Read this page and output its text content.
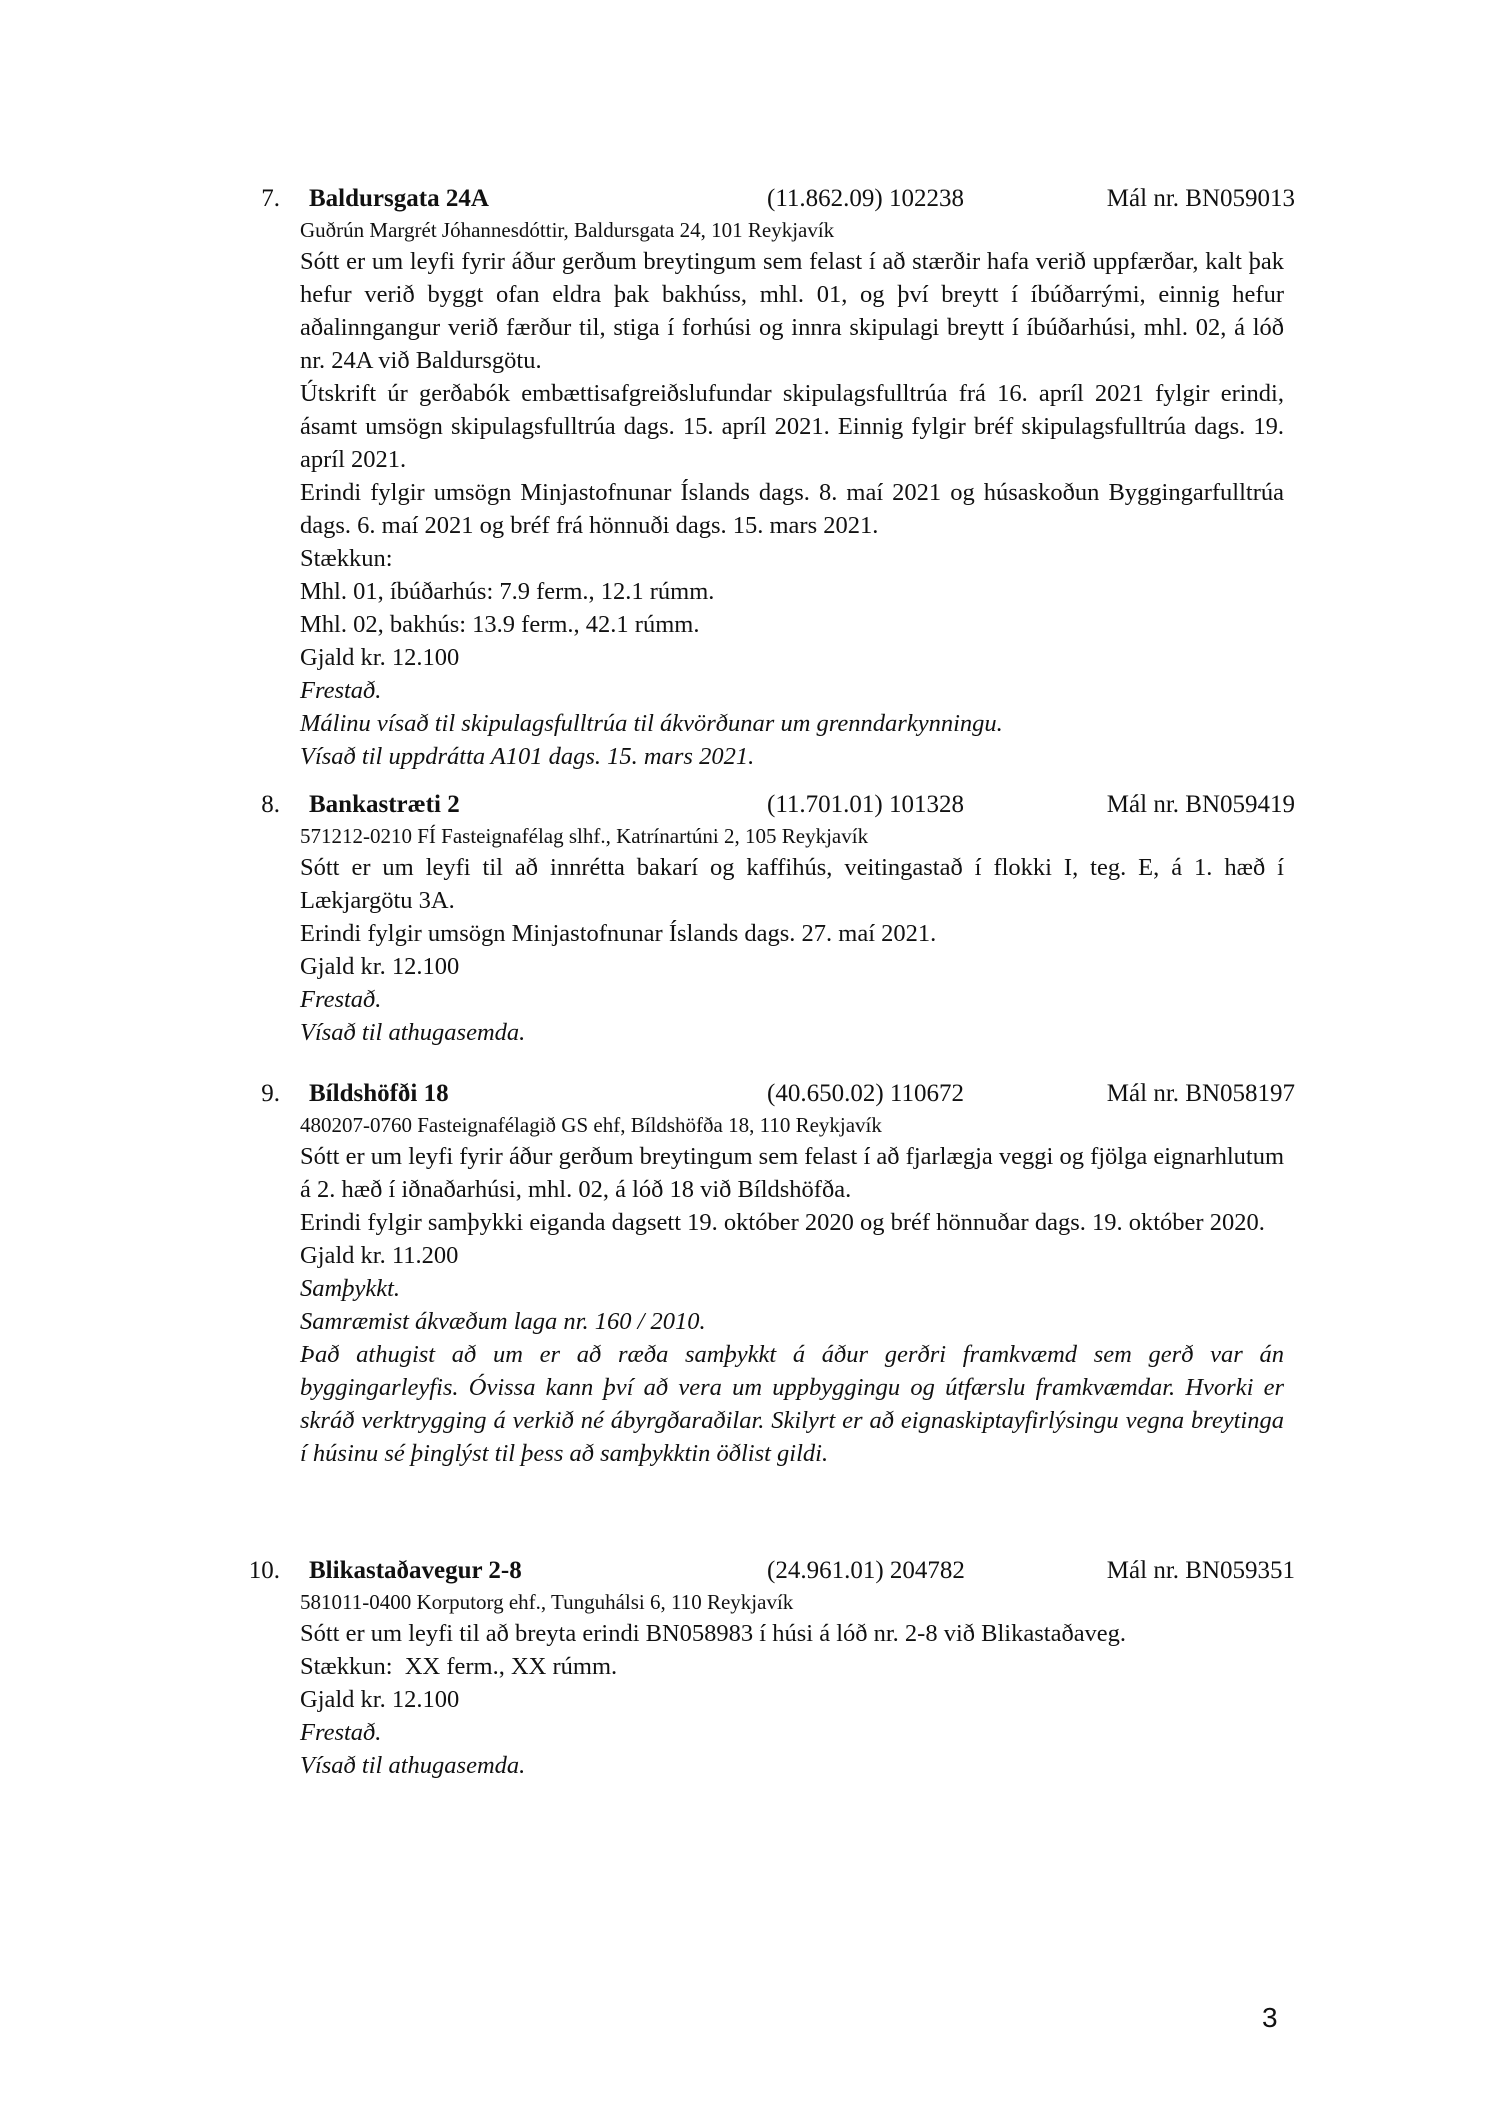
7. Baldursgata 24A	(11.862.09) 102238	Mál nr. BN059013
Guðrún Margrét Jóhannesdóttir, Baldursgata 24, 101 Reykjavík

Sótt er um leyfi fyrir áður gerðum breytingum sem felast í að stærðir hafa verið uppfærðar, kalt þak hefur verið byggt ofan eldra þak bakhúss, mhl. 01, og því breytt í íbúðarrými, einnig hefur aðalinngangur verið færður til, stiga í forhúsi og innra skipulagi breytt í íbúðarhúsi, mhl. 02, á lóð nr. 24A við Baldursgötu.

Útskrift úr gerðabók embættisafgreiðslufundar skipulagsfulltrúa frá 16. apríl 2021 fylgir erindi, ásamt umsögn skipulagsfulltrúa dags. 15. apríl 2021. Einnig fylgir bréf skipulagsfulltrúa dags. 19. apríl 2021.

Erindi fylgir umsögn Minjastofnunar Íslands dags. 8. maí 2021 og húsaskoðun Byggingarfulltrúa dags. 6. maí 2021 og bréf frá hönnuði dags. 15. mars 2021.

Stækkun:

Mhl. 01, íbúðarhús: 7.9 ferm., 12.1 rúmm.

Mhl. 02, bakhús: 13.9 ferm., 42.1 rúmm.

Gjald kr. 12.100

Frestað.

Málinu vísað til skipulagsfulltrúa til ákvörðunar um grenndarkynningu.

Vísað til uppdrátta A101 dags. 15. mars 2021.

8. Bankastræti 2	(11.701.01) 101328	Mál nr. BN059419
571212-0210 FÍ Fasteignafélag slhf., Katrínartúni 2, 105 Reykjavík

Sótt er um leyfi til að innrétta bakarí og kaffihús, veitingastað í flokki I, teg. E, á 1. hæð í Lækjargötu 3A.

Erindi fylgir umsögn Minjastofnunar Íslands dags. 27. maí 2021.

Gjald kr. 12.100

Frestað.

Vísað til athugasemda.

9. Bíldshöfði 18	(40.650.02) 110672	Mál nr. BN058197
480207-0760 Fasteignafélagið GS ehf, Bíldshöfða 18, 110 Reykjavík

Sótt er um leyfi fyrir áður gerðum breytingum sem felast í að fjarlægja veggi og fjölga eignarhlutum á 2. hæð í iðnaðarhúsi, mhl. 02, á lóð 18 við Bíldshöfða.

Erindi fylgir samþykki eiganda dagsett 19. október 2020 og bréf hönnuðar dags. 19. október 2020.

Gjald kr. 11.200

Samþykkt.

Samræmist ákvæðum laga nr. 160 / 2010.

Það athugist að um er að ræða samþykkt á áður gerðri framkvæmd sem gerð var án byggingarleyfis. Óvissa kann því að vera um uppbyggingu og útfærslu framkvæmdar. Hvorki er skráð verktrygging á verkið né ábyrgðaraðilar. Skilyrt er að eignaskiptayfirlýsingu vegna breytinga í húsinu sé þinglýst til þess að samþykktin öðlist gildi.

10. Blikastaðavegur 2-8	(24.961.01) 204782	Mál nr. BN059351
581011-0400 Korputorg ehf., Tunguhálsi 6, 110 Reykjavík

Sótt er um leyfi til að breyta erindi BN058983 í húsi á lóð nr. 2-8 við Blikastaðaveg.

Stækkun:  XX ferm., XX rúmm.

Gjald kr. 12.100

Frestað.

Vísað til athugasemda.

3
